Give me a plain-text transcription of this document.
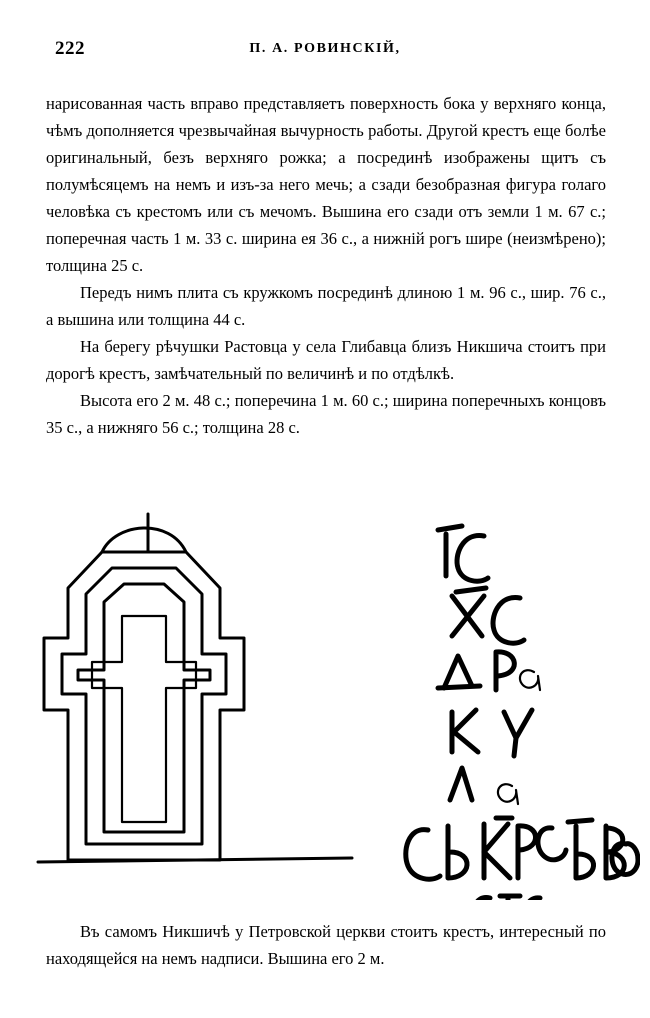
222	П. А. РОВИНСКІЙ,

нарисованная часть вправо представляетъ поверхность бока у верхняго конца, чѣмъ дополняется чрезвычайная вычурность работы. Другой крестъ еще болѣе оригинальный, безъ верхняго рожка; а посрединѣ изображены щитъ съ полумѣсяцемъ на немъ и изъ-за него мечь; а сзади безобразная фигура голаго человѣка съ крестомъ или съ мечомъ. Вышина его сзади отъ земли 1 м. 67 с.; поперечная часть 1 м. 33 с. ширина ея 36 с., а нижній рогъ шире (неизмѣрено); толщина 25 с.

Передъ нимъ плита съ кружкомъ посрединѣ длиною 1 м. 96 с., шир. 76 с., а вышина или толщина 44 с.

На берегу рѣчушки Растовца у села Глибавца близъ Никшича стоитъ при дорогѣ крестъ, замѣчательный по величинѣ и по отдѣлкѣ.

Высота его 2 м. 48 с.; поперечина 1 м. 60 с.; ширина поперечныхъ концовъ 35 с., а нижняго 56 с.; толщина 28 с.

Въ самомъ Никшичѣ у Петровской церкви стоитъ крестъ, интересный по находящейся на немъ надписи. Вышина его 2 м.
